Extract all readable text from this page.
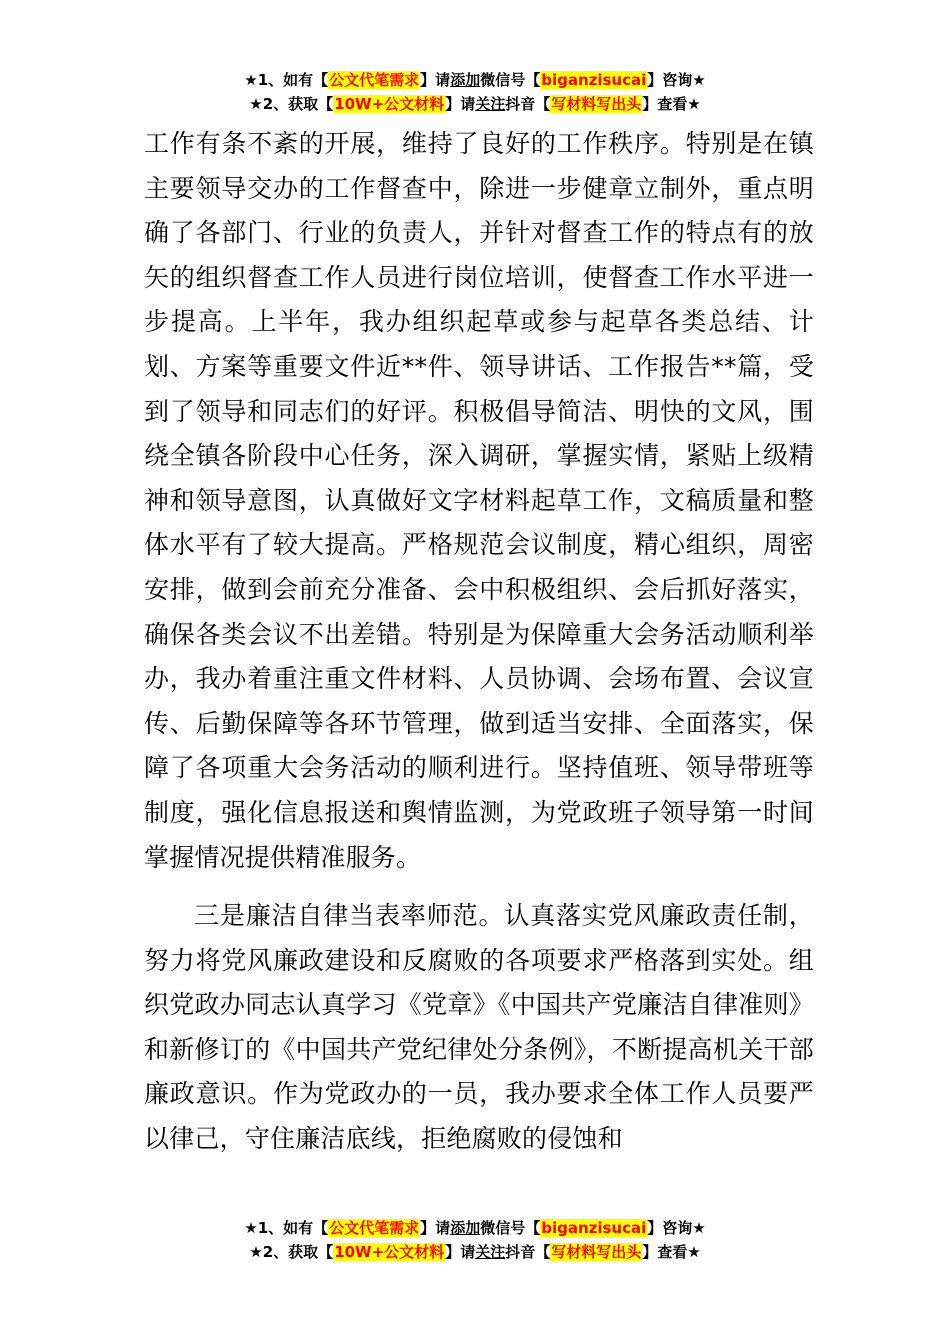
★1、如有【公文代笔需求】请添加微信号【biganzisucai】咨询★
★2、获取【10W+公文材料】请关注抖音【写材料写出头】查看★

工作有条不紊的开展，维持了良好的工作秩序。特别是在镇主要领导交办的工作督查中，除进一步健章立制外，重点明确了各部门、行业的负责人，并针对督查工作的特点有的放矢的组织督查工作人员进行岗位培训，使督查工作水平进一步提高。上半年，我办组织起草或参与起草各类总结、计划、方案等重要文件近**件、领导讲话、工作报告**篇，受到了领导和同志们的好评。积极倡导简洁、明快的文风，围绕全镇各阶段中心任务，深入调研，掌握实情，紧贴上级精神和领导意图，认真做好文字材料起草工作，文稿质量和整体水平有了较大提高。严格规范会议制度，精心组织，周密安排，做到会前充分准备、会中积极组织、会后抓好落实，确保各类会议不出差错。特别是为保障重大会务活动顺利举办，我办着重注重文件材料、人员协调、会场布置、会议宣传、后勤保障等各环节管理，做到适当安排、全面落实，保障了各项重大会务活动的顺利进行。坚持值班、领导带班等制度，强化信息报送和舆情监测，为党政班子领导第一时间掌握情况提供精准服务。

三是廉洁自律当表率师范。认真落实党风廉政责任制，努力将党风廉政建设和反腐败的各项要求严格落到实处。组织党政办同志认真学习《党章》《中国共产党廉洁自律准则》和新修订的《中国共产党纪律处分条例》，不断提高机关干部廉政意识。作为党政办的一员，我办要求全体工作人员要严以律己，守住廉洁底线，拒绝腐败的侵蚀和

★1、如有【公文代笔需求】请添加微信号【biganzisucai】咨询★
★2、获取【10W+公文材料】请关注抖音【写材料写出头】查看★
